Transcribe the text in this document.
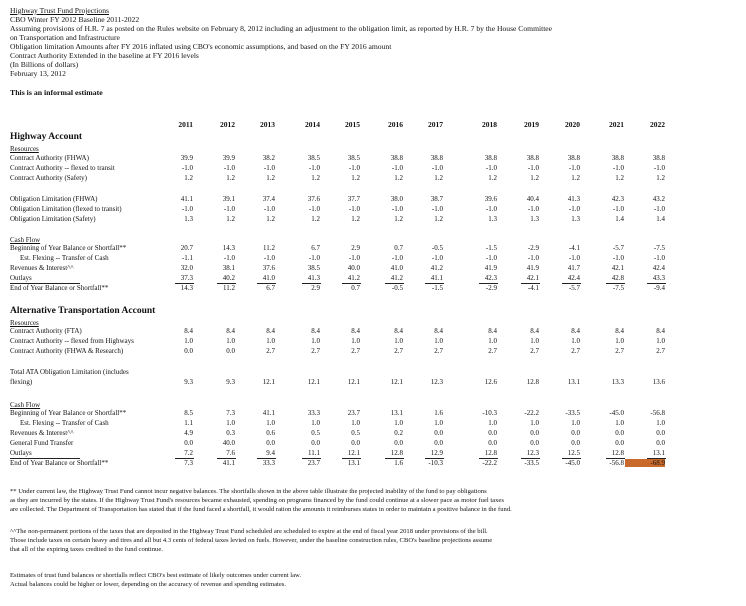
Highway Trust Fund Projections
CBO Winter FY 2012 Baseline 2011-2022
Assuming provisions of H.R. 7 as posted on the Rules website on February 8, 2012 including an adjustment to the obligation limit, as reported by H.R. 7 by the House Committee
on Transportation and Infrastructure
Obligation limitation Amounts after FY 2016 inflated using CBO's economic assumptions, and based on the FY 2016 amount
Contract Authority Extended in the baseline at FY 2016 levels
(In Billions of dollars)
February 13, 2012
This is an informal estimate
2011	2012	2013	2014	2015	2016	2017	2018	2019	2020	2021	2022
Highway Account
Resources
Contract Authority (FHWA)	39.9	39.9	38.2	38.5	38.5	38.8	38.8	38.8	38.8	38.8	38.8	38.8
Contract Authority -- flexed to transit	-1.0	-1.0	-1.0	-1.0	-1.0	-1.0	-1.0	-1.0	-1.0	-1.0	-1.0	-1.0
Contract Authority (Safety)	1.2	1.2	1.2	1.2	1.2	1.2	1.2	1.2	1.2	1.2	1.2	1.2
Obligation Limitation (FHWA)	41.1	39.1	37.4	37.6	37.7	38.0	38.7	39.6	40.4	41.3	42.3	43.2
Obligation Limitation (flexed to transit)	-1.0	-1.0	-1.0	-1.0	-1.0	-1.0	-1.0	-1.0	-1.0	-1.0	-1.0	-1.0
Obligation Limitation (Safety)	1.3	1.2	1.2	1.2	1.2	1.2	1.2	1.3	1.3	1.3	1.4	1.4
Cash Flow
Beginning of Year Balance or Shortfall**	20.7	14.3	11.2	6.7	2.9	0.7	-0.5	-1.5	-2.9	-4.1	-5.7	-7.5
Est. Flexing -- Transfer of Cash	-1.1	-1.0	-1.0	-1.0	-1.0	-1.0	-1.0	-1.0	-1.0	-1.0	-1.0	-1.0
Revenues & Interest^^	32.0	38.1	37.6	38.5	40.0	41.0	41.2	41.9	41.9	41.7	42.1	42.4
Outlays	37.3	40.2	41.0	41.3	41.2	41.2	41.1	42.3	42.1	42.4	42.8	43.3
End of Year Balance or Shortfall**	14.3	11.2	6.7	2.9	0.7	-0.5	-1.5	-2.9	-4.1	-5.7	-7.5	-9.4
Alternative Transportation Account
Resources
Contract Authority (FTA)	8.4	8.4	8.4	8.4	8.4	8.4	8.4	8.4	8.4	8.4	8.4	8.4
Contract Authority -- flexed from Highways	1.0	1.0	1.0	1.0	1.0	1.0	1.0	1.0	1.0	1.0	1.0	1.0
Contract Authority (FHWA & Research)	0.0	0.0	2.7	2.7	2.7	2.7	2.7	2.7	2.7	2.7	2.7	2.7
Total ATA Obligation Limitation (includes
flexing)	9.3	9.3	12.1	12.1	12.1	12.1	12.3	12.6	12.8	13.1	13.3	13.6
Cash Flow
Beginning of Year Balance or Shortfall**	8.5	7.3	41.1	33.3	23.7	13.1	1.6	-10.3	-22.2	-33.5	-45.0	-56.8
Est. Flexing -- Transfer of Cash	1.1	1.0	1.0	1.0	1.0	1.0	1.0	1.0	1.0	1.0	1.0	1.0
Revenues & Interest^^	4.9	0.3	0.6	0.5	0.5	0.2	0.0	0.0	0.0	0.0	0.0	0.0
General Fund Transfer	0.0	40.0	0.0	0.0	0.0	0.0	0.0	0.0	0.0	0.0	0.0	0.0
Outlays	7.2	7.6	9.4	11.1	12.1	12.8	12.9	12.8	12.3	12.5	12.8	13.1
End of Year Balance or Shortfall**	7.3	41.1	33.3	23.7	13.1	1.6	-10.3	-22.2	-33.5	-45.0	-56.8	-68.9
** Under current law, the Highway Trust Fund cannot incur negative balances. The shortfalls shown in the above table illustrate the projected inability of the fund to pay obligations
as they are incurred by the states. If the Highway Trust Fund's resources became exhausted, spending on programs financed by the fund could continue at a slower pace as motor fuel taxes
are collected. The Department of Transportation has stated that if the fund faced a shortfall, it would ration the amounts it reimburses states in order to maintain a positive balance in the fund.
^^The non-permanent portions of the taxes that are deposited in the Highway Trust Fund scheduled are scheduled to expire at the end of fiscal year 2018 under provisions of the bill.
Those include taxes on certain heavy and tires and all but 4.3 cents of federal taxes levied on fuels. However, under the baseline construction rules, CBO's baseline projections assume
that all of the expiring taxes credited to the fund continue.
Estimates of trust fund balances or shortfalls reflect CBO's best estimate of likely outcomes under current law.
Actual balances could be higher or lower, depending on the accuracy of revenue and spending estimates.
